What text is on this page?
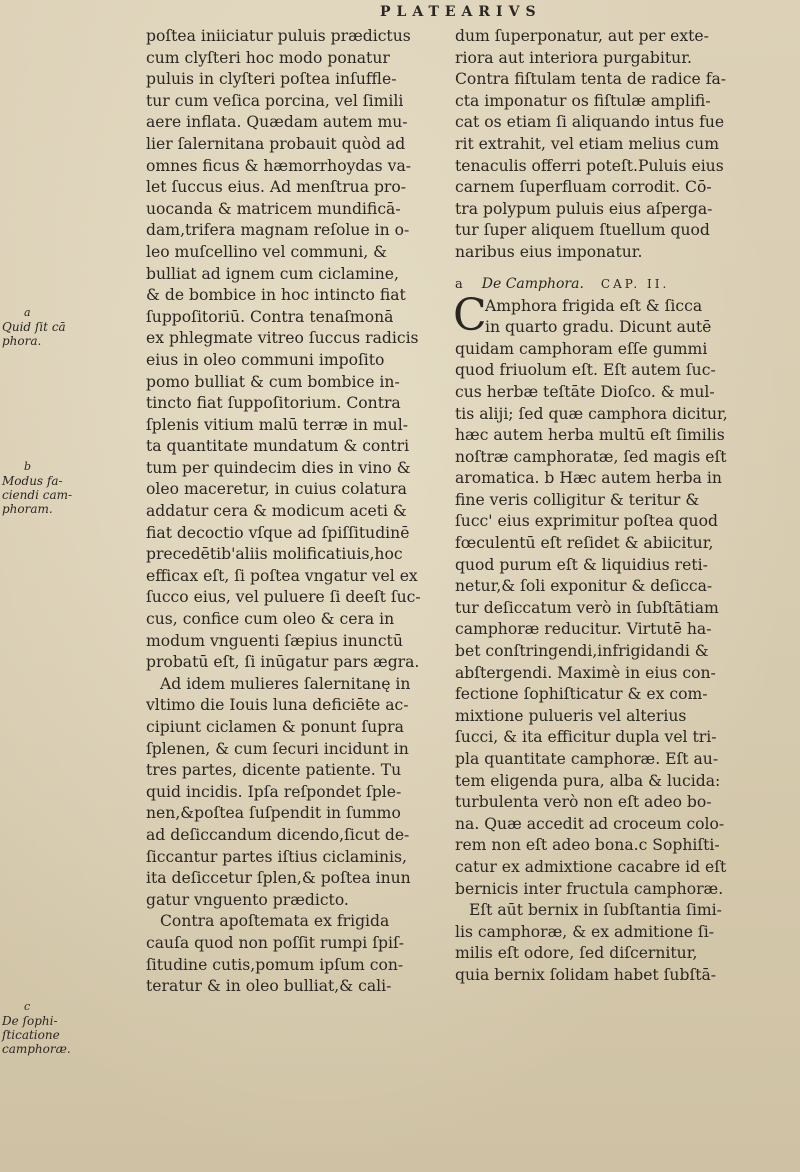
PLATEARIVS
a
Quid ſit cā phora.
b
Modus fa- ciendi cam- phoram.
c
De ſophi- ſticatione camphoræ.
poſtea iniiciatur puluis prædictus
cum clyſteri hoc modo ponatur
puluis in clyſteri poſtea inſuffle-
tur cum veſica porcina, vel ſimili
aere inflata. Quædam autem mu-
lier ſalernitana probauit quòd ad
omnes ficus & hæmorrhoydas va-
let ſuccus eius. Ad menſtrua pro-
uocanda & matricem mundificā-
dam,trifera magnam reſolue in o-
leo muſcellino vel communi, &
bulliat ad ignem cum ciclamine,
& de bombice in hoc intincto fiat
ſuppoſitoriū. Contra tenaſmonā
ex phlegmate vitreo ſuccus radicis
eius in oleo communi impoſito
pomo bulliat & cum bombice in-
tincto fiat ſuppoſitorium. Contra
ſplenis vitium malū terræ in mul-
ta quantitate mundatum & contri
tum per quindecim dies in vino &
oleo maceretur, in cuius colatura
addatur cera & modicum aceti &
fiat decoctio vſque ad ſpiſſitudinē
precedētib'aliis molificatiuis,hoc
efficax eſt, ſi poſtea vngatur vel ex
ſucco eius, vel puluere ſi deeſt ſuc-
cus, confice cum oleo & cera in
modum vnguenti ſæpius inunctū
probatū eſt, ſi inūgatur pars ægra.
Ad idem mulieres ſalernitanę in
vltimo die Iouis luna deficiēte ac-
cipiunt ciclamen & ponunt ſupra
ſplenen, & cum ſecuri incidunt in
tres partes, dicente patiente. Tu
quid incidis. Ipſa reſpondet ſple-
nen,&poſtea ſuſpendit in ſummo
ad deſiccandum dicendo,ſicut de-
ſiccantur partes iſtius ciclaminis,
ita deſiccetur ſplen,& poſtea inun
gatur vnguento prædicto.
Contra apoſtemata ex frigida
cauſa quod non poſſit rumpi ſpiſ-
ſitudine cutis,pomum ipſum con-
teratur & in oleo bulliat,& cali-
dum ſuperponatur, aut per exte-
riora aut interiora purgabitur.
Contra fiſtulam tenta de radice fa-
cta imponatur os fiſtulæ amplifi-
cat os etiam ſi aliquando intus fue
rit extrahit, vel etiam melius cum
tenaculis offerri poteſt.Puluis eius
carnem ſuperfluam corrodit. Cō-
tra polypum puluis eius aſperga-
tur ſuper aliquem ſtuellum quod
naribus eius imponatur.
a De Camphora. CAP. II.
C
Amphora frigida eſt & ſicca
in quarto gradu. Dicunt autē
quidam camphoram eſſe gummi
quod friuolum eſt. Eſt autem ſuc-
cus herbæ teſtāte Dioſco. & mul-
tis aliji; ſed quæ camphora dicitur,
hæc autem herba multū eſt ſimilis
noſtræ camphoratæ, ſed magis eſt
aromatica. b Hæc autem herba in
fine veris colligitur & teritur &
ſucc' eius exprimitur poſtea quod
fœculentū eſt reſidet & abiicitur,
quod purum eſt & liquidius reti-
netur,& ſoli exponitur & deſicca-
tur deſiccatum verò in ſubſtātiam
camphoræ reducitur. Virtutē ha-
bet conſtringendi,infrigidandi &
abſtergendi. Maximè in eius con-
fectione ſophiſticatur & ex com-
mixtione pulueris vel alterius
ſucci, & ita efficitur dupla vel tri-
pla quantitate camphoræ. Eſt au-
tem eligenda pura, alba & lucida:
turbulenta verò non eſt adeo bo-
na. Quæ accedit ad croceum colo-
rem non eſt adeo bona.c Sophiſti-
catur ex admixtione cacabre id eſt
bernicis inter fructula camphoræ.
Eſt aūt bernix in ſubſtantia ſimi-
lis camphoræ, & ex admitione ſi-
milis eſt odore, ſed diſcernitur,
quia bernix ſolidam habet ſubſtā-
